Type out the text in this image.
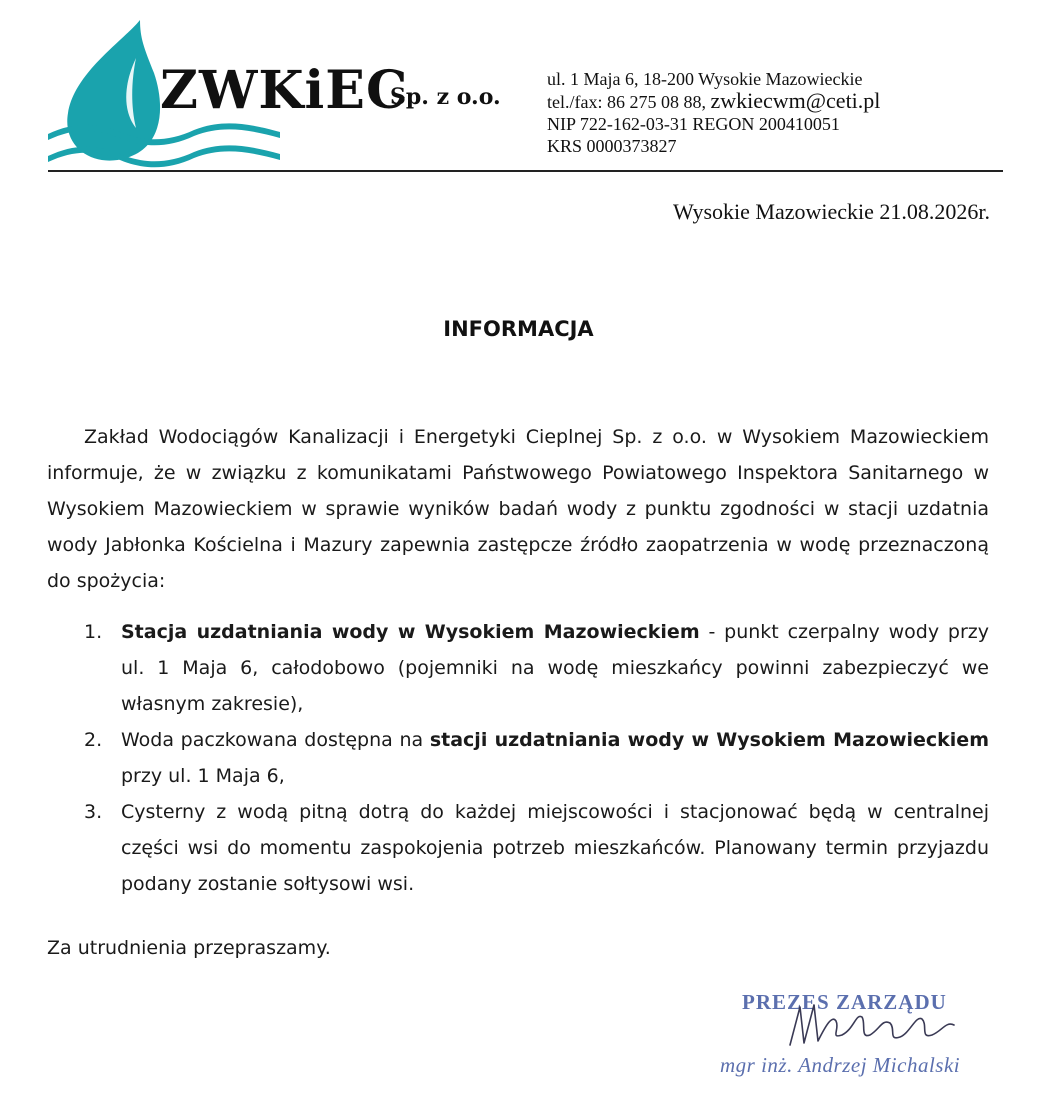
ZWKiEC
Sp. z o.o.
ul. 1 Maja 6, 18-200 Wysokie Mazowieckie
tel./fax: 86 275 08 88, zwkiecwm@ceti.pl
NIP 722-162-03-31 REGON 200410051
KRS 0000373827
Wysokie Mazowieckie 21.08.2026r.
INFORMACJA
Zakład Wodociągów Kanalizacji i Energetyki Cieplnej Sp. z o.o. w Wysokiem Mazowieckiem informuje, że w związku z komunikatami Państwowego Powiatowego Inspektora Sanitarnego w Wysokiem Mazowieckiem w sprawie wyników badań wody z punktu zgodności w stacji uzdatnia wody Jabłonka Kościelna i Mazury zapewnia zastępcze źródło zaopatrzenia w wodę przeznaczoną do spożycia:
1. Stacja uzdatniania wody w Wysokiem Mazowieckiem - punkt czerpalny wody przy ul. 1 Maja 6, całodobowo (pojemniki na wodę mieszkańcy powinni zabezpieczyć we własnym zakresie),
2. Woda paczkowana dostępna na stacji uzdatniania wody w Wysokiem Mazowieckiem przy ul. 1 Maja 6,
3. Cysterny z wodą pitną dotrą do każdej miejscowości i stacjonować będą w centralnej części wsi do momentu zaspokojenia potrzeb mieszkańców. Planowany termin przyjazdu podany zostanie sołtysowi wsi.
Za utrudnienia przepraszamy.
PREZES ZARZĄDU
mgr inż. Andrzej Michalski
